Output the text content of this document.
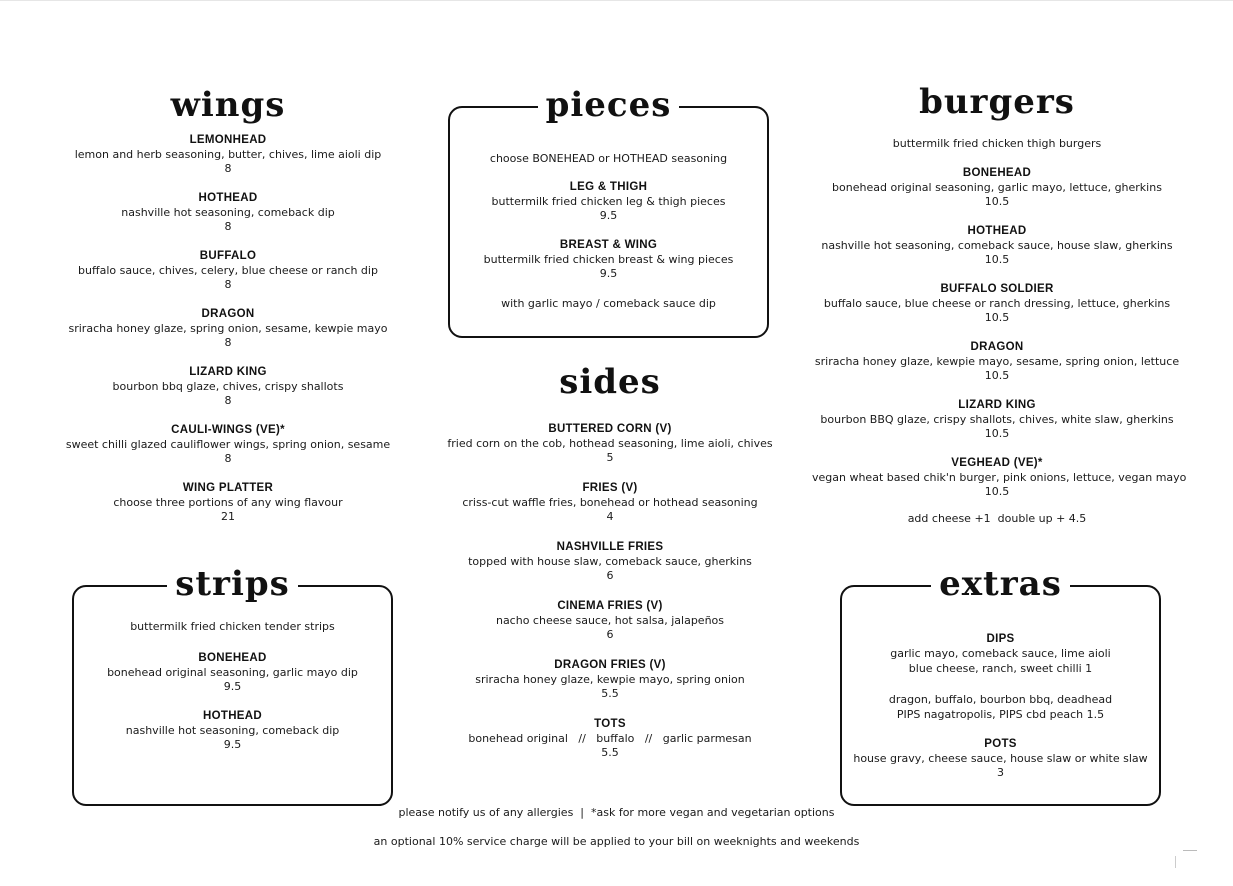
wings
LEMONHEAD
lemon and herb seasoning, butter, chives, lime aioli dip
8
HOTHEAD
nashville hot seasoning, comeback dip
8
BUFFALO
buffalo sauce, chives, celery, blue cheese or ranch dip
8
DRAGON
sriracha honey glaze, spring onion, sesame, kewpie mayo
8
LIZARD KING
bourbon bbq glaze, chives, crispy shallots
8
CAULI-WINGS (VE)*
sweet chilli glazed cauliflower wings, spring onion, sesame
8
WING PLATTER
choose three portions of any wing flavour
21
strips
buttermilk fried chicken tender strips
BONEHEAD
bonehead original seasoning, garlic mayo dip
9.5
HOTHEAD
nashville hot seasoning, comeback dip
9.5
pieces
choose BONEHEAD or HOTHEAD seasoning
LEG & THIGH
buttermilk fried chicken leg & thigh pieces
9.5
BREAST & WING
buttermilk fried chicken breast & wing pieces
9.5
with garlic mayo / comeback sauce dip
sides
BUTTERED CORN (V)
fried corn on the cob, hothead seasoning, lime aioli, chives
5
FRIES (V)
criss-cut waffle fries, bonehead or hothead seasoning
4
NASHVILLE FRIES
topped with house slaw, comeback sauce, gherkins
6
CINEMA FRIES (V)
nacho cheese sauce, hot salsa, jalapeños
6
DRAGON FRIES (V)
sriracha honey glaze, kewpie mayo, spring onion
5.5
TOTS
bonehead original   //   buffalo   //   garlic parmesan
5.5
burgers
buttermilk fried chicken thigh burgers
BONEHEAD
bonehead original seasoning, garlic mayo, lettuce, gherkins
10.5
HOTHEAD
nashville hot seasoning, comeback sauce, house slaw, gherkins
10.5
BUFFALO SOLDIER
buffalo sauce, blue cheese or ranch dressing, lettuce, gherkins
10.5
DRAGON
sriracha honey glaze, kewpie mayo, sesame, spring onion, lettuce
10.5
LIZARD KING
bourbon BBQ glaze, crispy shallots, chives, white slaw, gherkins
10.5
VEGHEAD (VE)*
vegan wheat based chik'n burger, pink onions, lettuce, vegan mayo
10.5
add cheese +1  double up + 4.5
extras
DIPS
garlic mayo, comeback sauce, lime aioli
blue cheese, ranch, sweet chilli 1
dragon, buffalo, bourbon bbq, deadhead
PIPS nagatropolis, PIPS cbd peach 1.5
POTS
house gravy, cheese sauce, house slaw or white slaw
3
please notify us of any allergies  |  *ask for more vegan and vegetarian options
an optional 10% service charge will be applied to your bill on weeknights and weekends
